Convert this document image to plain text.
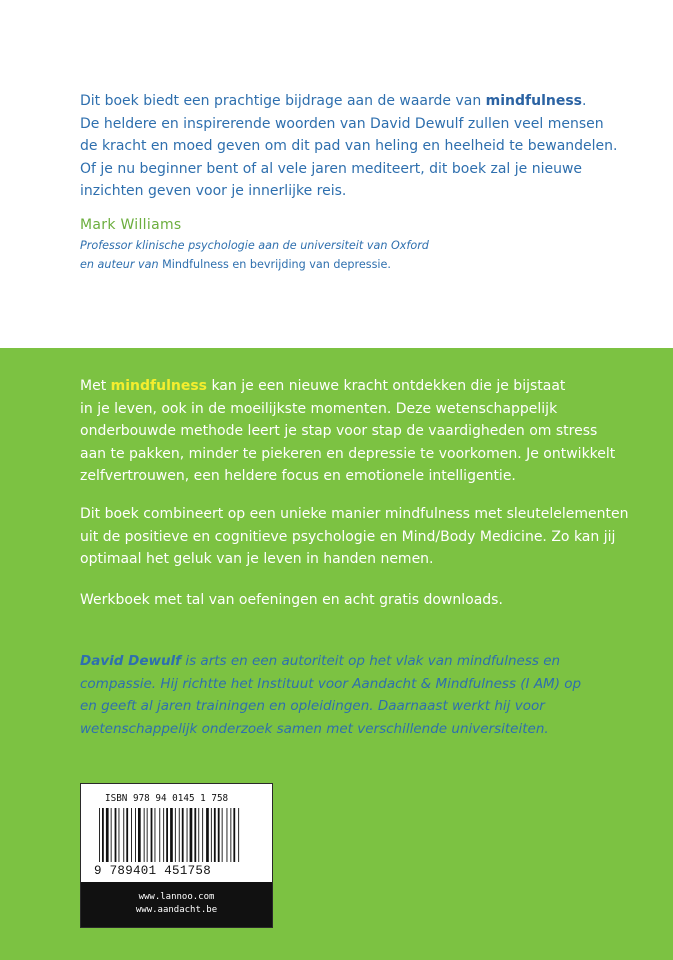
Dit boek biedt een prachtige bijdrage aan de waarde van mindfulness.

De heldere en inspirerende woorden van David Dewulf zullen veel mensen

de kracht en moed geven om dit pad van heling en heelheid te bewandelen.

Of je nu beginner bent of al vele jaren mediteert, dit boek zal je nieuwe

inzichten geven voor je innerlijke reis.

Mark Williams

Professor klinische psychologie aan de universiteit van Oxford

en auteur van Mindfulness en bevrijding van depressie.

Met mindfulness kan je een nieuwe kracht ontdekken die je bijstaat

in je leven, ook in de moeilijkste momenten. Deze wetenschappelijk

onderbouwde methode leert je stap voor stap de vaardigheden om stress

aan te pakken, minder te piekeren en depressie te voorkomen. Je ontwikkelt

zelfvertrouwen, een heldere focus en emotionele intelligentie.

Dit boek combineert op een unieke manier mindfulness met sleutelelementen

uit de positieve en cognitieve psychologie en Mind/Body Medicine. Zo kan jij

optimaal het geluk van je leven in handen nemen.

Werkboek met tal van oefeningen en acht gratis downloads.

David Dewulf is arts en een autoriteit op het vlak van mindfulness en

compassie. Hij richtte het Instituut voor Aandacht & Mindfulness (I AM) op

en geeft al jaren trainingen en opleidingen. Daarnaast werkt hij voor

wetenschappelijk onderzoek samen met verschillende universiteiten.

ISBN 978 94 0145 1 758
9 789401 451758
www.lannoo.com
www.aandacht.be
